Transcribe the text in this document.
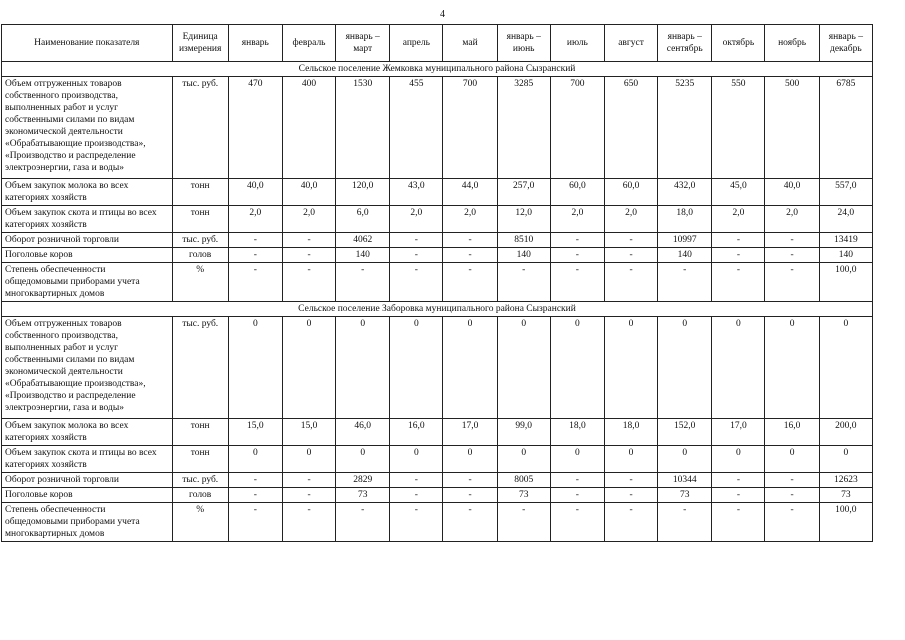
4
Наименование показателя	Единица измерения	январь	февраль	январь – март	апрель	май	январь – июнь	июль	август	январь – сентябрь	октябрь	ноябрь	январь – декабрь
Сельское поселение Жемковка муниципального района Сызранский													
Объем отгруженных товаров собственного производства, выполненных работ и услуг собственными силами по видам экономической деятельности «Обрабатывающие производства», «Производство и распределение электроэнергии, газа и воды»	тыс. руб.	470	400	1530	455	700	3285	700	650	5235	550	500	6785
Объем закупок молока во всех категориях хозяйств	тонн	40,0	40,0	120,0	43,0	44,0	257,0	60,0	60,0	432,0	45,0	40,0	557,0
Объем закупок скота и птицы во всех категориях хозяйств	тонн	2,0	2,0	6,0	2,0	2,0	12,0	2,0	2,0	18,0	2,0	2,0	24,0
Оборот розничной торговли	тыс. руб.	-	-	4062	-	-	8510	-	-	10997	-	-	13419
Поголовье коров	голов	-	-	140	-	-	140	-	-	140	-	-	140
Степень обеспеченности общедомовыми приборами учета многоквартирных домов	%	-	-	-	-	-	-	-	-	-	-	-	100,0
Сельское поселение Заборовка муниципального района Сызранский													
Объем отгруженных товаров собственного производства, выполненных работ и услуг собственными силами по видам экономической деятельности «Обрабатывающие производства», «Производство и распределение электроэнергии, газа и воды»	тыс. руб.	0	0	0	0	0	0	0	0	0	0	0	0
Объем закупок молока во всех категориях хозяйств	тонн	15,0	15,0	46,0	16,0	17,0	99,0	18,0	18,0	152,0	17,0	16,0	200,0
Объем закупок скота и птицы во всех категориях хозяйств	тонн	0	0	0	0	0	0	0	0	0	0	0	0
Оборот розничной торговли	тыс. руб.	-	-	2829	-	-	8005	-	-	10344	-	-	12623
Поголовье коров	голов	-	-	73	-	-	73	-	-	73	-	-	73
Степень обеспеченности общедомовыми приборами учета многоквартирных домов	%	-	-	-	-	-	-	-	-	-	-	-	100,0
